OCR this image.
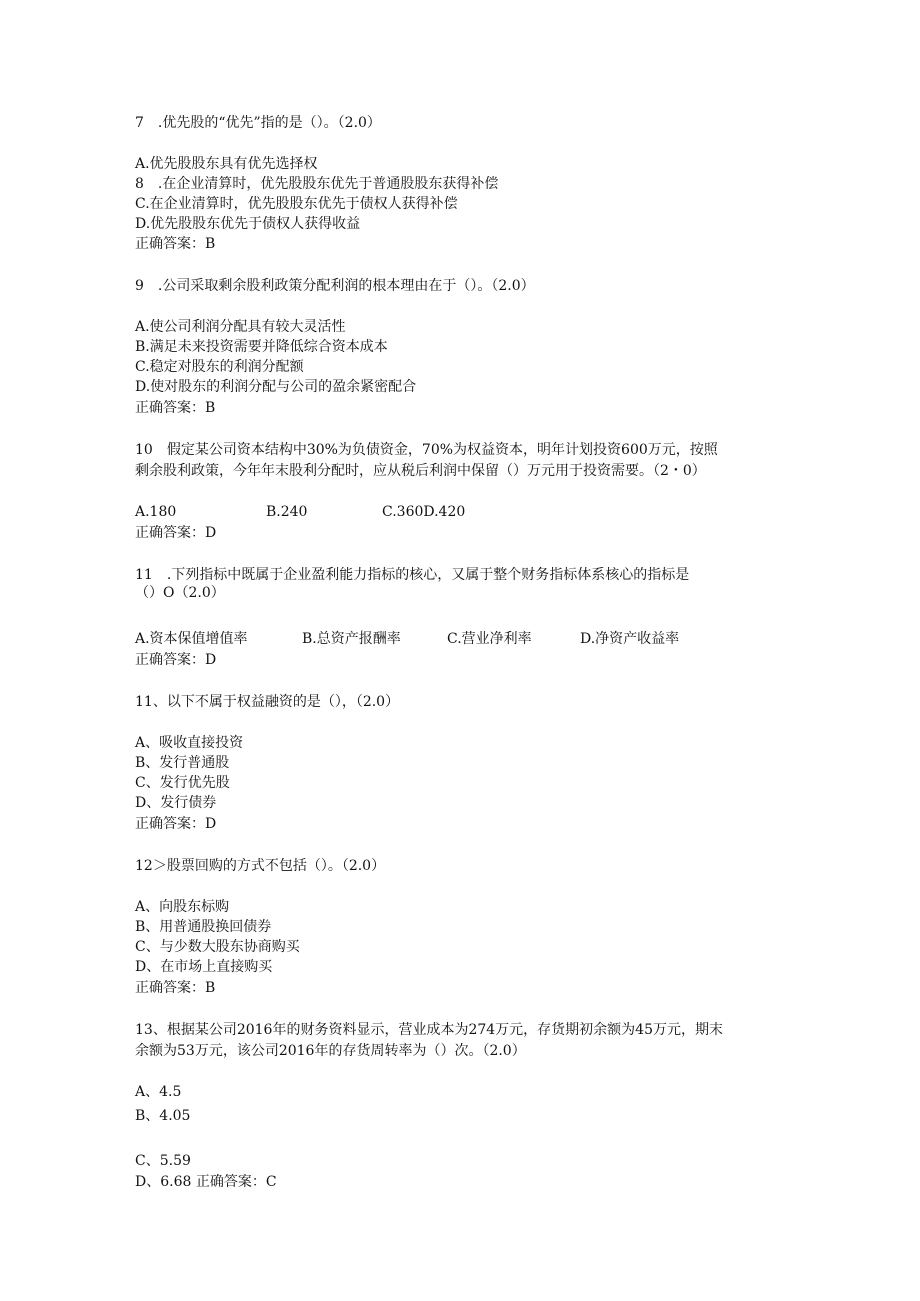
7　.优先股的“优先”指的是（）。（2.0）
A.优先股股东具有优先选择权
8　.在企业清算时，优先股股东优先于普通股股东获得补偿
C.在企业清算时，优先股股东优先于债权人获得补偿
D.优先股股东优先于债权人获得收益
正确答案：B
9　.公司采取剩余股利政策分配利润的根本理由在于（）。（2.0）
A.使公司利润分配具有较大灵活性
B.满足未来投资需要并降低综合资本成本
C.稳定对股东的利润分配额
D.使对股东的利润分配与公司的盈余紧密配合
正确答案：B
10　假定某公司资本结构中30%为负债资金，70%为权益资本，明年计划投资600万元，按照
剩余股利政策，今年年末股利分配时，应从税后利润中保留（）万元用于投资需要。（2・0）
A.180	B.240	C.360D.420
正确答案：D
11　.下列指标中既属于企业盈利能力指标的核心，又属于整个财务指标体系核心的指标是
（）O（2.0）
A.资本保值增值率	B.总资产报酬率	C.营业净利率	D.净资产收益率
正确答案：D
11、以下不属于权益融资的是（），（2.0）
A、吸收直接投资
B、发行普通股
C、发行优先股
D、发行债券
正确答案：D
12＞股票回购的方式不包括（）。（2.0）
A、向股东标购
B、用普通股换回债券
C、与少数大股东协商购买
D、在市场上直接购买
正确答案：B
13、根据某公司2016年的财务资料显示，营业成本为274万元，存货期初余额为45万元，期末
余额为53万元，该公司2016年的存货周转率为（）次。（2.0）
A、4.5
B、4.05
C、5.59
D、6.68 正确答案：C
